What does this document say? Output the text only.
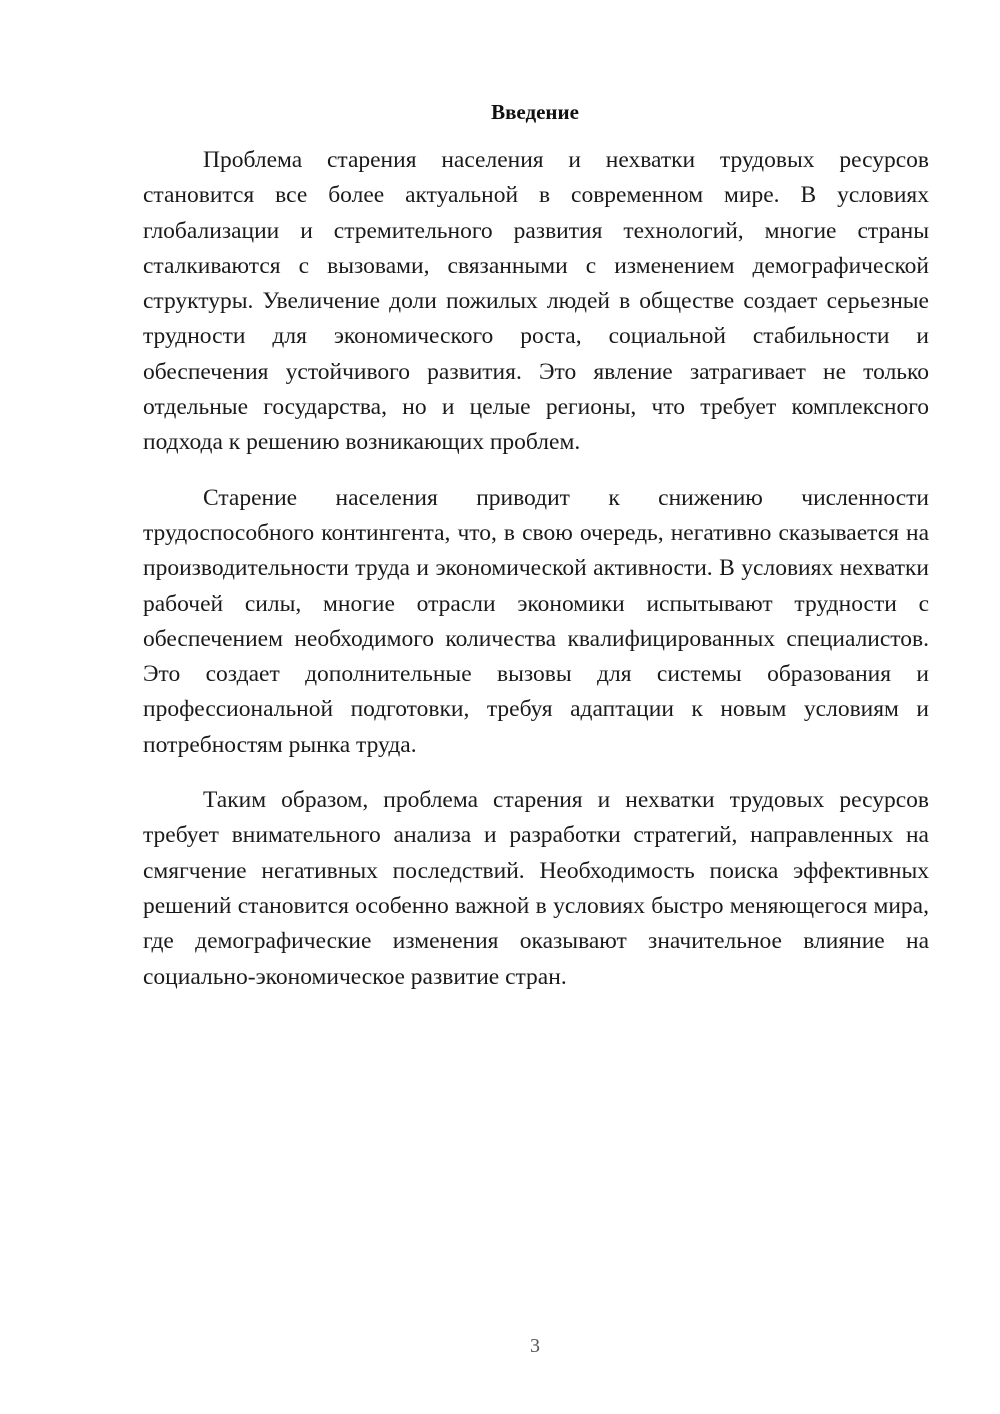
Введение

Проблема старения населения и нехватки трудовых ресурсов становится все более актуальной в современном мире. В условиях глобализации и стремительного развития технологий, многие страны сталкиваются с вызовами, связанными с изменением демографической структуры. Увеличение доли пожилых людей в обществе создает серьезные трудности для экономического роста, социальной стабильности и обеспечения устойчивого развития. Это явление затрагивает не только отдельные государства, но и целые регионы, что требует комплексного подхода к решению возникающих проблем.

Старение населения приводит к снижению численности трудоспособного контингента, что, в свою очередь, негативно сказывается на производительности труда и экономической активности. В условиях нехватки рабочей силы, многие отрасли экономики испытывают трудности с обеспечением необходимого количества квалифицированных специалистов. Это создает дополнительные вызовы для системы образования и профессиональной подготовки, требуя адаптации к новым условиям и потребностям рынка труда.

Таким образом, проблема старения и нехватки трудовых ресурсов требует внимательного анализа и разработки стратегий, направленных на смягчение негативных последствий. Необходимость поиска эффективных решений становится особенно важной в условиях быстро меняющегося мира, где демографические изменения оказывают значительное влияние на социально-экономическое развитие стран.

3
